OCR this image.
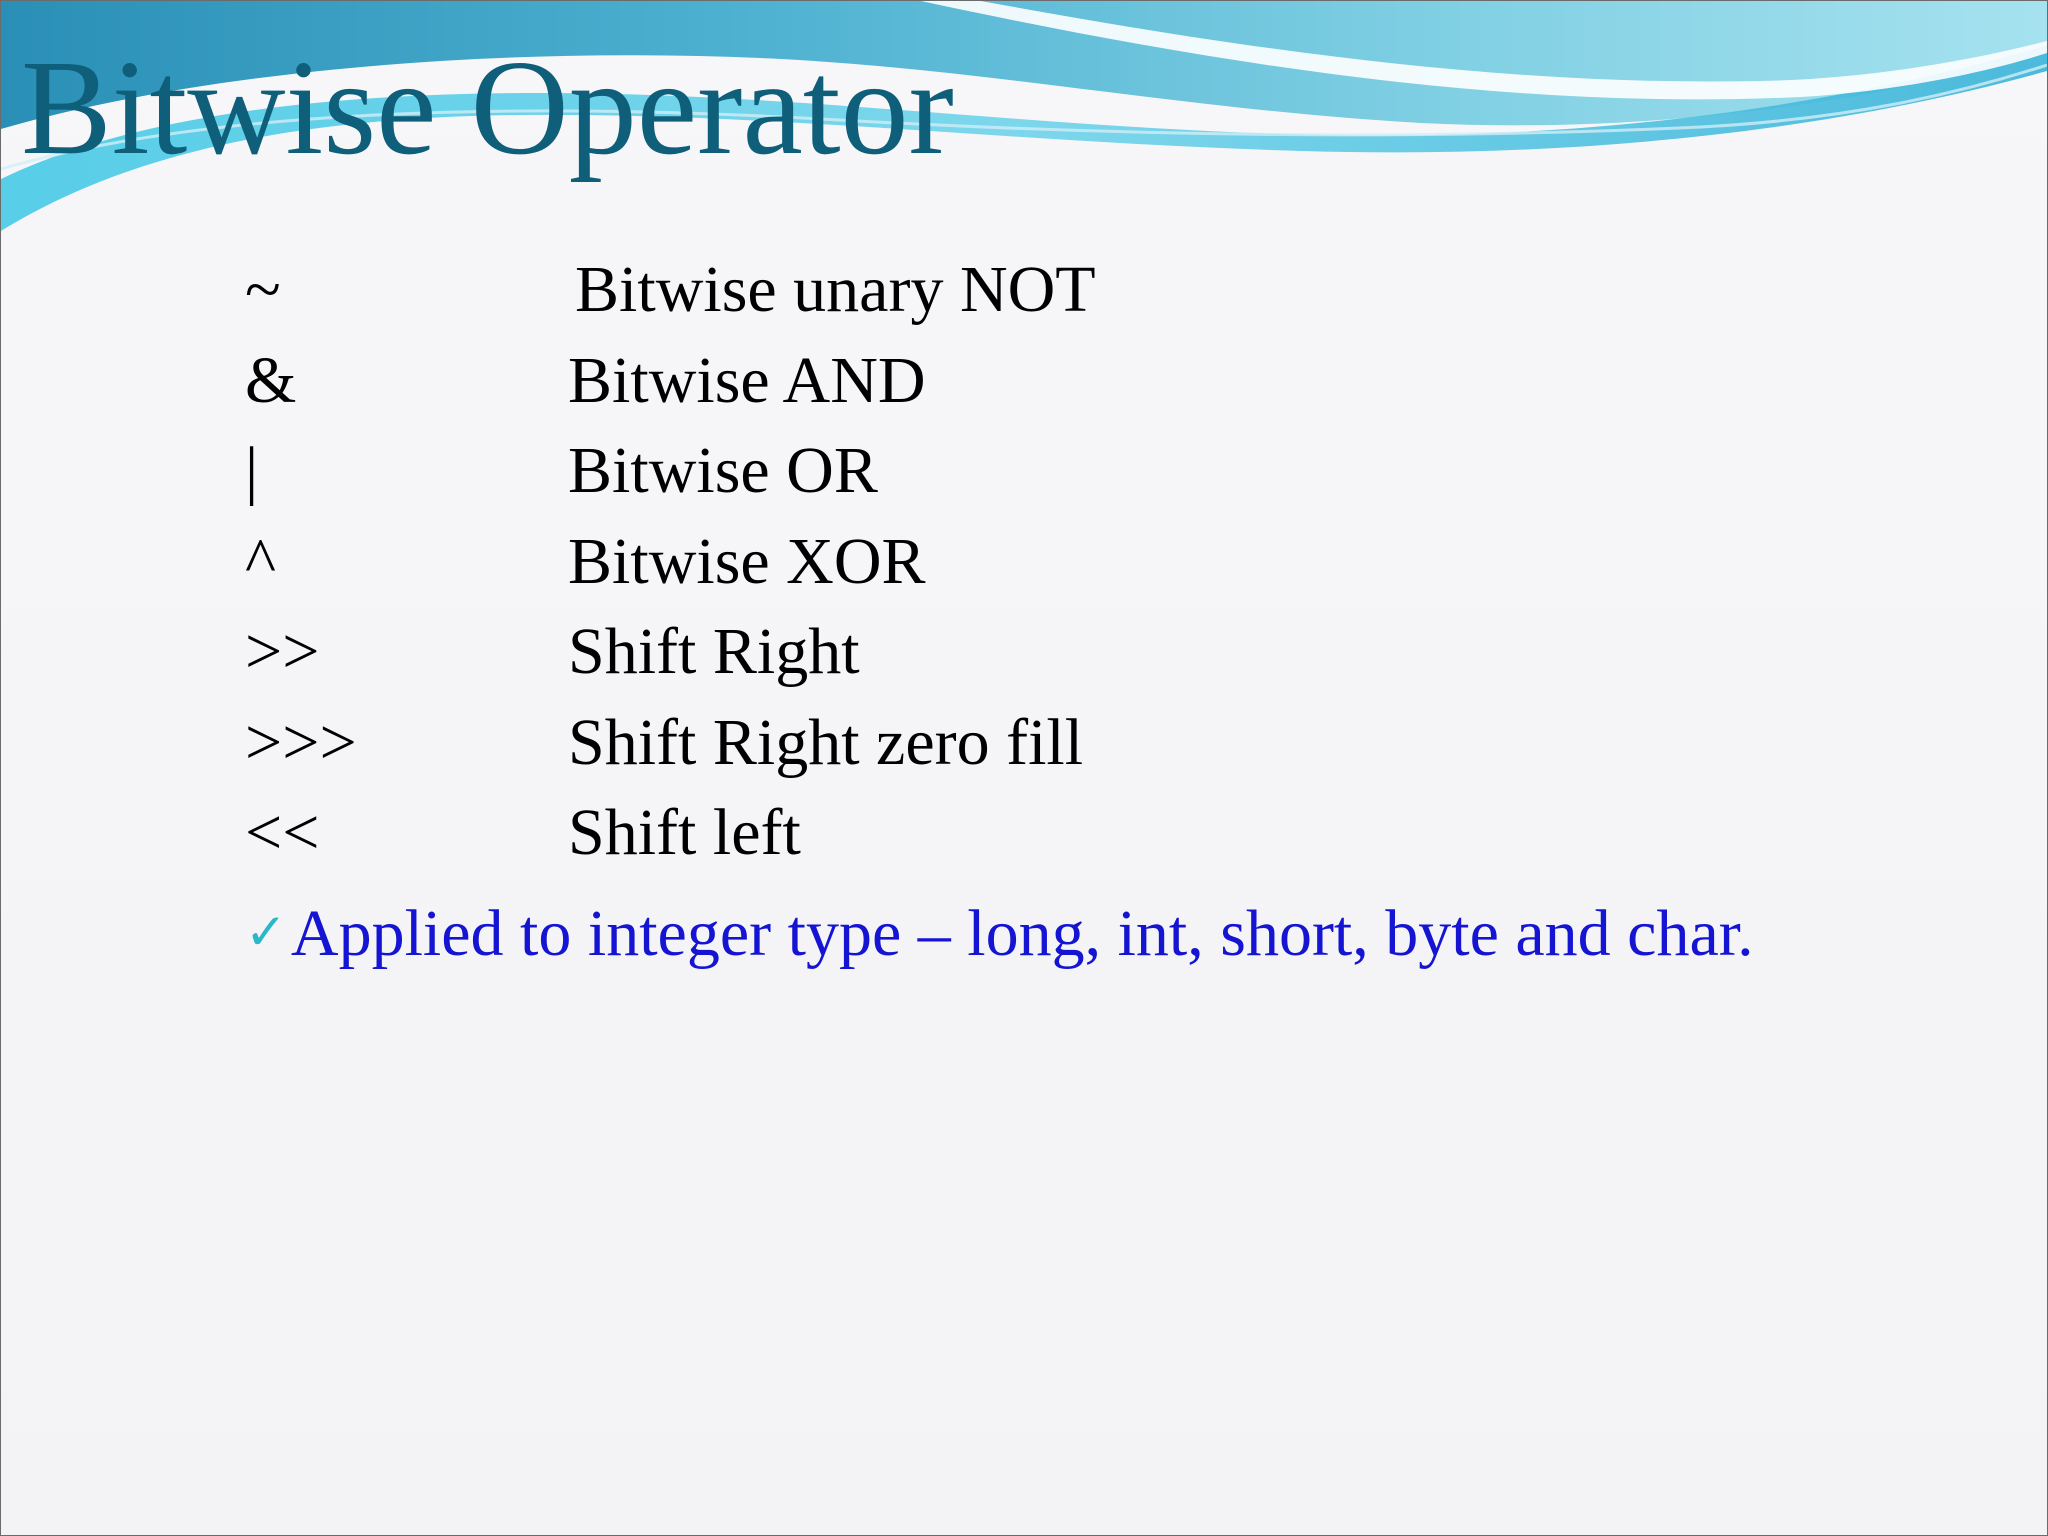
Bitwise Operator
~	Bitwise unary NOT
&	Bitwise AND
|	Bitwise OR
^	Bitwise XOR
>>	Shift Right
>>>	Shift Right zero fill
<<	Shift left
✓Applied to integer type – long, int, short, byte and char.
